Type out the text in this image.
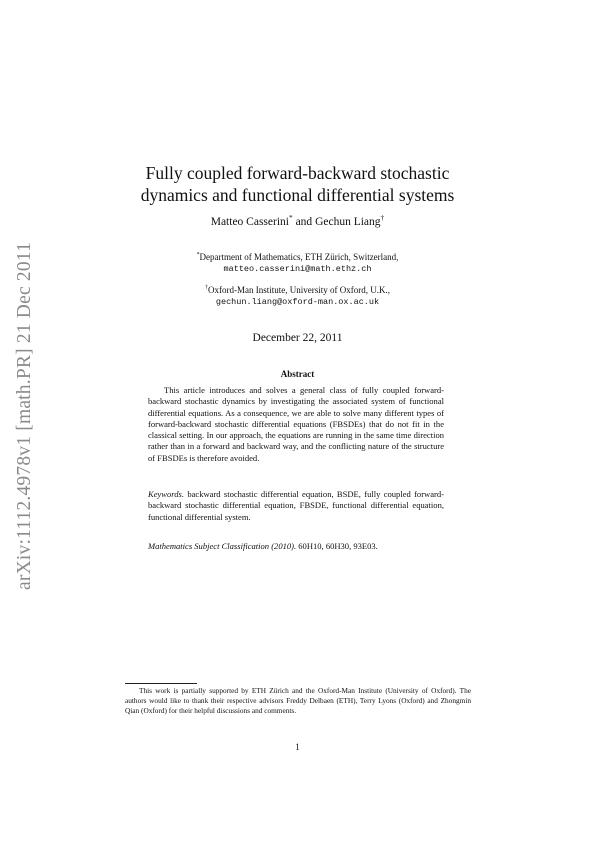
arXiv:1112.4978v1 [math.PR] 21 Dec 2011
Fully coupled forward-backward stochastic
dynamics and functional differential systems
Matteo Casserini* and Gechun Liang†
*Department of Mathematics, ETH Zürich, Switzerland,
matteo.casserini@math.ethz.ch
†Oxford-Man Institute, University of Oxford, U.K.,
gechun.liang@oxford-man.ox.ac.uk
December 22, 2011
Abstract

This article introduces and solves a general class of fully coupled forward-backward stochastic dynamics by investigating the associated system of functional differential equations. As a consequence, we are able to solve many different types of forward-backward stochastic differential equations (FBSDEs) that do not fit in the classical setting. In our approach, the equations are running in the same time direction rather than in a forward and backward way, and the conflicting nature of the structure of FBSDEs is therefore avoided.

Keywords. backward stochastic differential equation, BSDE, fully coupled forward-backward stochastic differential equation, FBSDE, functional differential equation, functional differential system.

Mathematics Subject Classification (2010). 60H10, 60H30, 93E03.

This work is partially supported by ETH Zürich and the Oxford-Man Institute (University of Oxford). The authors would like to thank their respective advisors Freddy Delbaen (ETH), Terry Lyons (Oxford) and Zhongmin Qian (Oxford) for their helpful discussions and comments.

1
